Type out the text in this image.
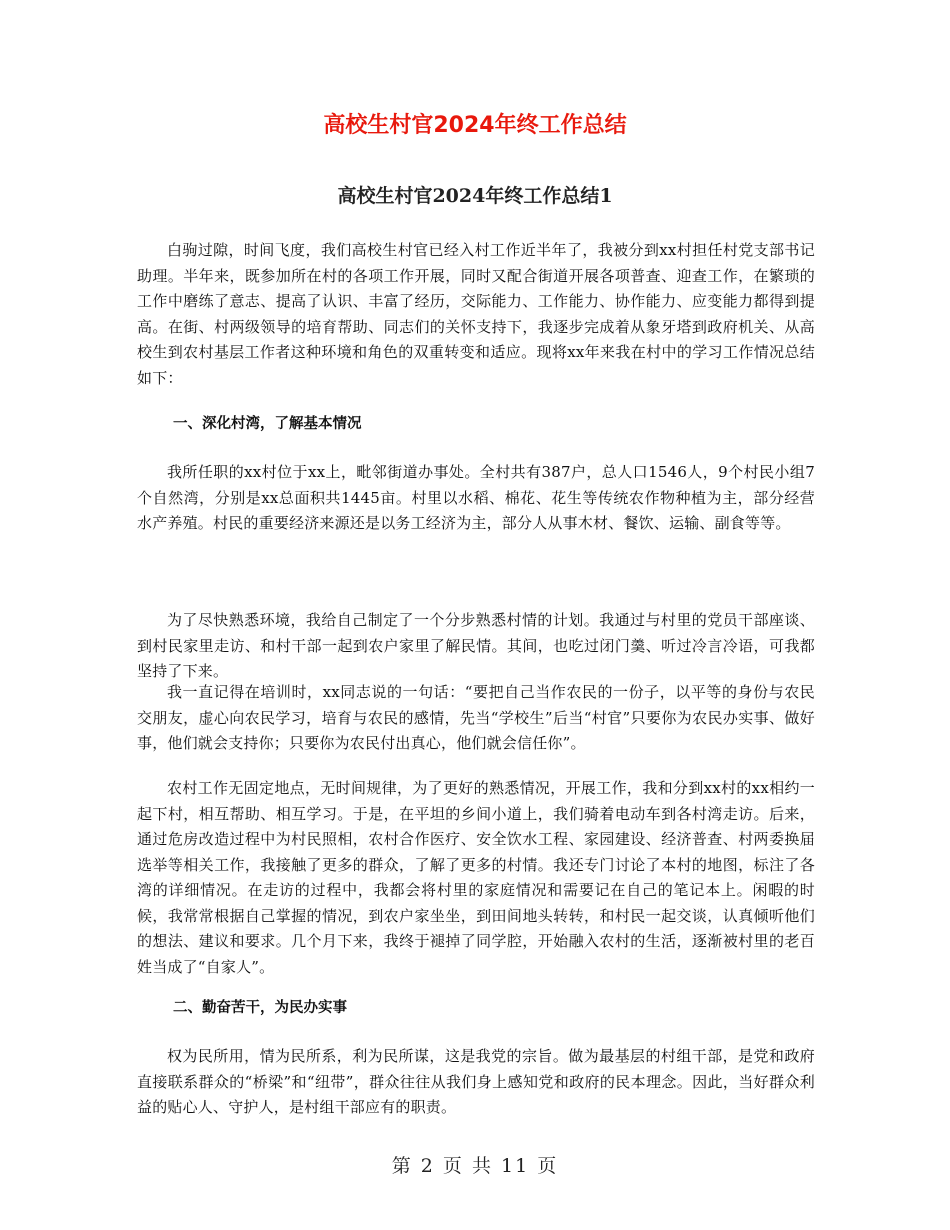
高校生村官2024年终工作总结
高校生村官2024年终工作总结1

白驹过隙，时间飞度，我们高校生村官已经入村工作近半年了，我被分到xx村担任村党支部书记助理。半年来，既参加所在村的各项工作开展，同时又配合街道开展各项普查、迎查工作，在繁琐的工作中磨练了意志、提高了认识、丰富了经历，交际能力、工作能力、协作能力、应变能力都得到提高。在街、村两级领导的培育帮助、同志们的关怀支持下，我逐步完成着从象牙塔到政府机关、从高校生到农村基层工作者这种环境和角色的双重转变和适应。现将xx年来我在村中的学习工作情况总结如下：

一、深化村湾，了解基本情况

我所任职的xx村位于xx上，毗邻街道办事处。全村共有387户，总人口1546人，9个村民小组7个自然湾，分别是xx总面积共1445亩。村里以水稻、棉花、花生等传统农作物种植为主，部分经营水产养殖。村民的重要经济来源还是以务工经济为主，部分人从事木材、餐饮、运输、副食等等。

为了尽快熟悉环境，我给自己制定了一个分步熟悉村情的计划。我通过与村里的党员干部座谈、到村民家里走访、和村干部一起到农户家里了解民情。其间，也吃过闭门羹、听过冷言冷语，可我都坚持了下来。

我一直记得在培训时，xx同志说的一句话：“要把自己当作农民的一份子，以平等的身份与农民交朋友，虚心向农民学习，培育与农民的感情，先当“学校生”后当“村官”只要你为农民办实事、做好事，他们就会支持你；只要你为农民付出真心，他们就会信任你”。

农村工作无固定地点，无时间规律，为了更好的熟悉情况，开展工作，我和分到xx村的xx相约一起下村，相互帮助、相互学习。于是，在平坦的乡间小道上，我们骑着电动车到各村湾走访。后来，通过危房改造过程中为村民照相，农村合作医疗、安全饮水工程、家园建设、经济普查、村两委换届选举等相关工作，我接触了更多的群众，了解了更多的村情。我还专门讨论了本村的地图，标注了各湾的详细情况。在走访的过程中，我都会将村里的家庭情况和需要记在自己的笔记本上。闲暇的时候，我常常根据自己掌握的情况，到农户家坐坐，到田间地头转转，和村民一起交谈，认真倾听他们的想法、建议和要求。几个月下来，我终于褪掉了同学腔，开始融入农村的生活，逐渐被村里的老百姓当成了“自家人”。

二、勤奋苦干，为民办实事

权为民所用，情为民所系，利为民所谋，这是我党的宗旨。做为最基层的村组干部，是党和政府直接联系群众的“桥梁”和“纽带”，群众往往从我们身上感知党和政府的民本理念。因此，当好群众利益的贴心人、守护人，是村组干部应有的职责。

第 2 页 共 11 页
